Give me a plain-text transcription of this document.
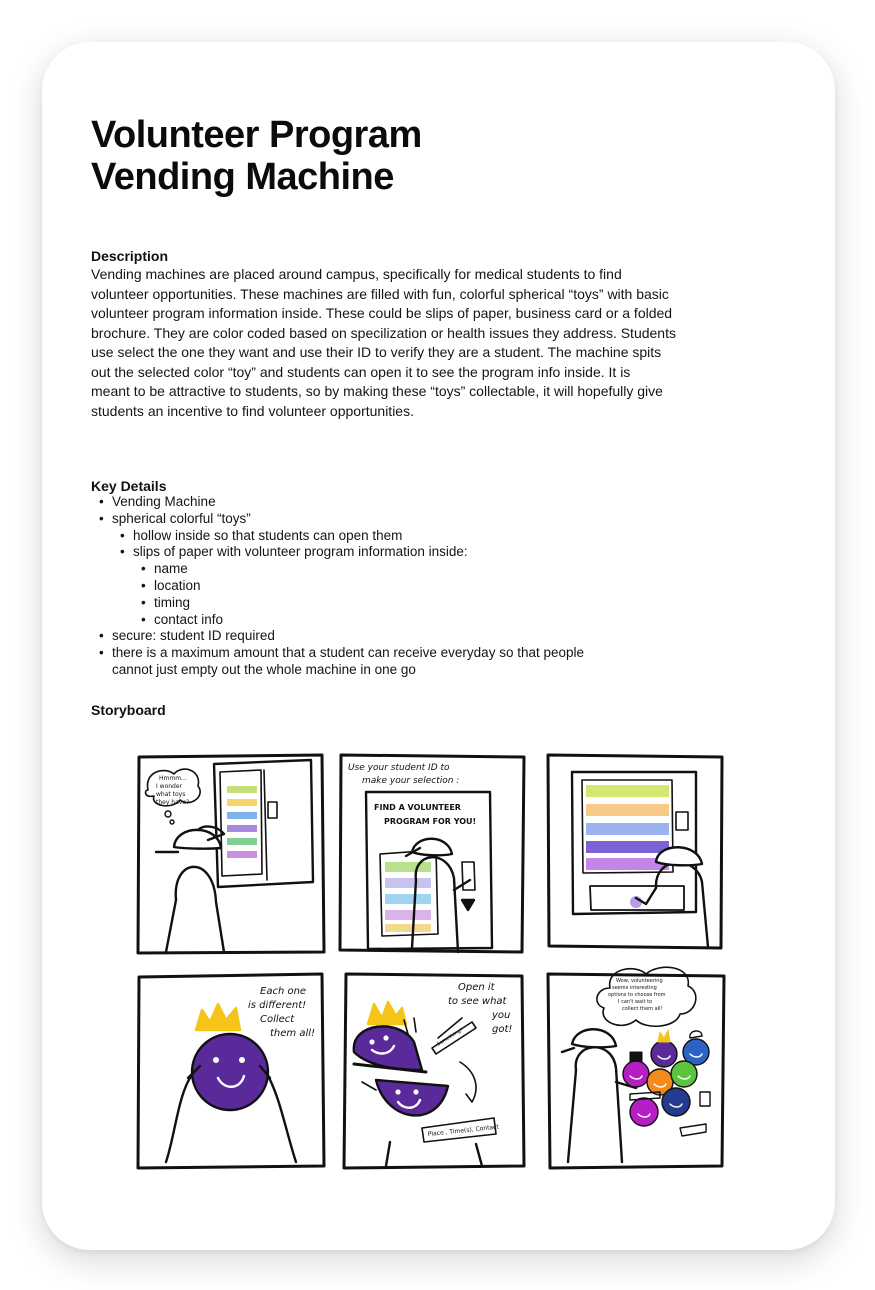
Volunteer Program
Vending Machine
Description

Vending machines are placed around campus, specifically for medical students to find
volunteer opportunities. These machines are filled with fun, colorful spherical “toys” with basic
volunteer program information inside. These could be slips of paper, business card or a folded
brochure. They are color coded based on specilization or health issues they address. Students
use select the one they want and use their ID to verify they are a student. The machine spits
out the selected color “toy” and students can open it to see the program info inside. It is
meant to be attractive to students, so by making these “toys” collectable, it will hopefully give
students an incentive to find volunteer opportunities.

Key Details
• Vending Machine
• spherical colorful “toys”
• hollow inside so that students can open them
• slips of paper with volunteer program information inside:
• name
• location
• timing
• contact info
• secure: student ID required
• there is a maximum amount that a student can receive everyday so that people
cannot just empty out the whole machine in one go
Storyboard
Hmmm...
I wonder
what toys
they have?
Use your student ID to
make your selection :
FIND A VOLUNTEER
PROGRAM FOR YOU!
Each one
is different!
Collect
them all!
Open it
to see what
you
got!
Something!
Place , Time(s), Contact
Wow, volunteering
seems interesting
options to choose from
I can't wait to
collect them all!
